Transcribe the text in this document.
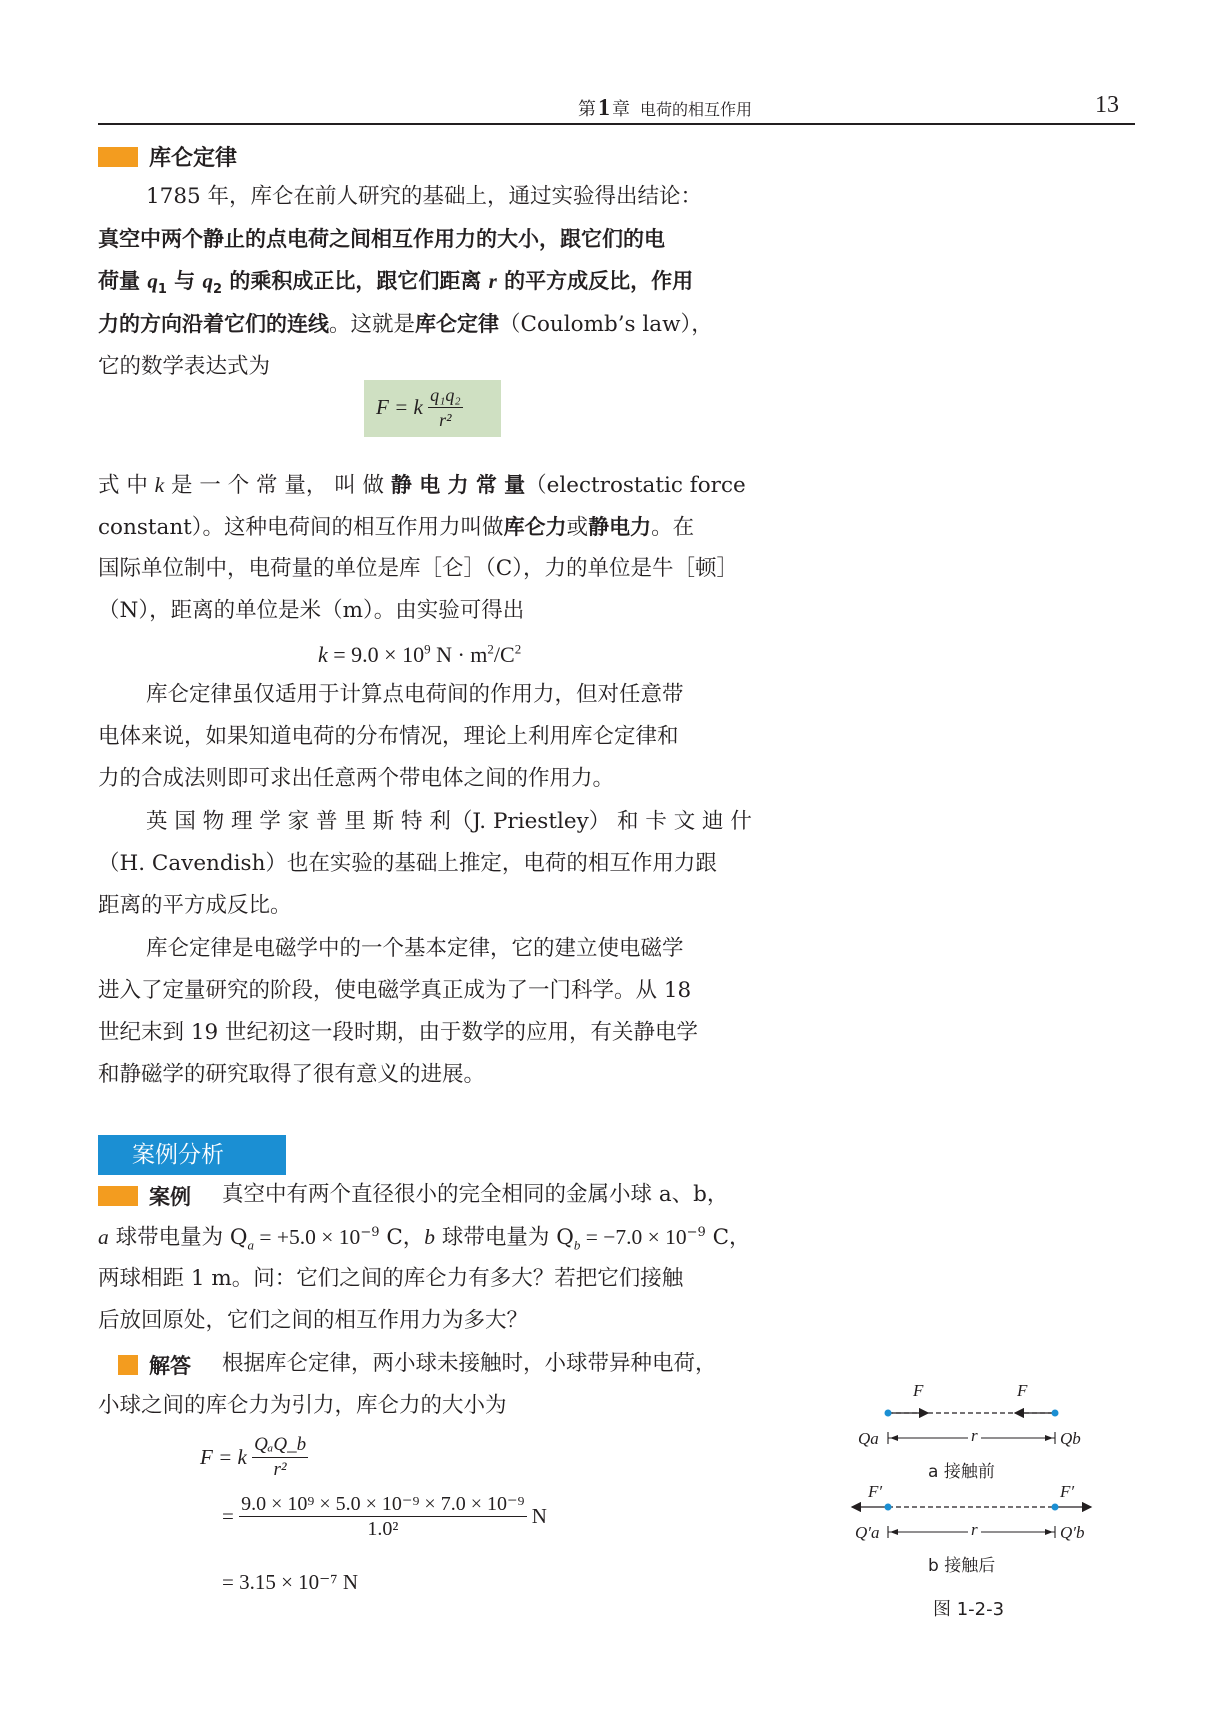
第1 章 电荷的相互作用	13
库仑定律
1785 年，库仑在前人研究的基础上，通过实验得出结论：
真空中两个静止的点电荷之间相互作用力的大小，跟它们的电
荷量 $q_1$ 与 $q_2$ 的乘积成正比，跟它们距离 r 的平方成反比，作用
力的方向沿着它们的连线。这就是库仑定律（Coulomb’s law），
它的数学表达式为
F = k $\frac{\text{q₁q₂}}{\text{r²}}$
式 中 k 是 一 个 常 量， 叫 做 静 电 力 常 量（electrostatic force
constant）。这种电荷间的相互作用力叫做库仑力或静电力。在
国际单位制中，电荷量的单位是库［仑］（C），力的单位是牛［顿］
（N），距离的单位是米（m）。由实验可得出
$k = 9.0 \times 10^9$ $N \cdot m^2/C^2$
库仑定律虽仅适用于计算点电荷间的作用力，但对任意带
电体来说，如果知道电荷的分布情况，理论上利用库仑定律和
力的合成法则即可求出任意两个带电体之间的作用力。
英 国 物 理 学 家 普 里 斯 特 利（J. Priestley） 和 卡 文 迪 什
（H. Cavendish）也在实验的基础上推定，电荷的相互作用力跟
距离的平方成反比。
库仑定律是电磁学中的一个基本定律，它的建立使电磁学
进入了定量研究的阶段，使电磁学真正成为了一门科学。从 18
世纪末到 19 世纪初这一段时期，由于数学的应用，有关静电学
和静磁学的研究取得了很有意义的进展。
案例分析
案例 真空中有两个直径很小的完全相同的金属小球 a、b，
a 球带电量为 $Q_a = +5.0 \times 10^{-9}$ C，b 球带电量为 $Q_b = -7.0 \times 10^{-9}$ C，
两球相距 1 m。问：它们之间的库仑力有多大？若把它们接触
后放回原处，它们之间的相互作用力为多大？
解答 根据库仑定律，两小球未接触时，小球带异种电荷，
小球之间的库仑力为引力，库仑力的大小为
F = k $\frac{\text{QₐQ\_b}}{\text{r²}}$
= $\frac{\text{9.0 × 10⁹ × 5.0 × 10⁻⁹ × 7.0 × 10⁻⁹}}{\text{1.0²}}$ N
= 3.15 × 10⁻⁷ N
F	F
Qa	Qb
r
a 接触前
F′	F′
Q′a	Q′b
r
b 接触后
图 1-2-3
